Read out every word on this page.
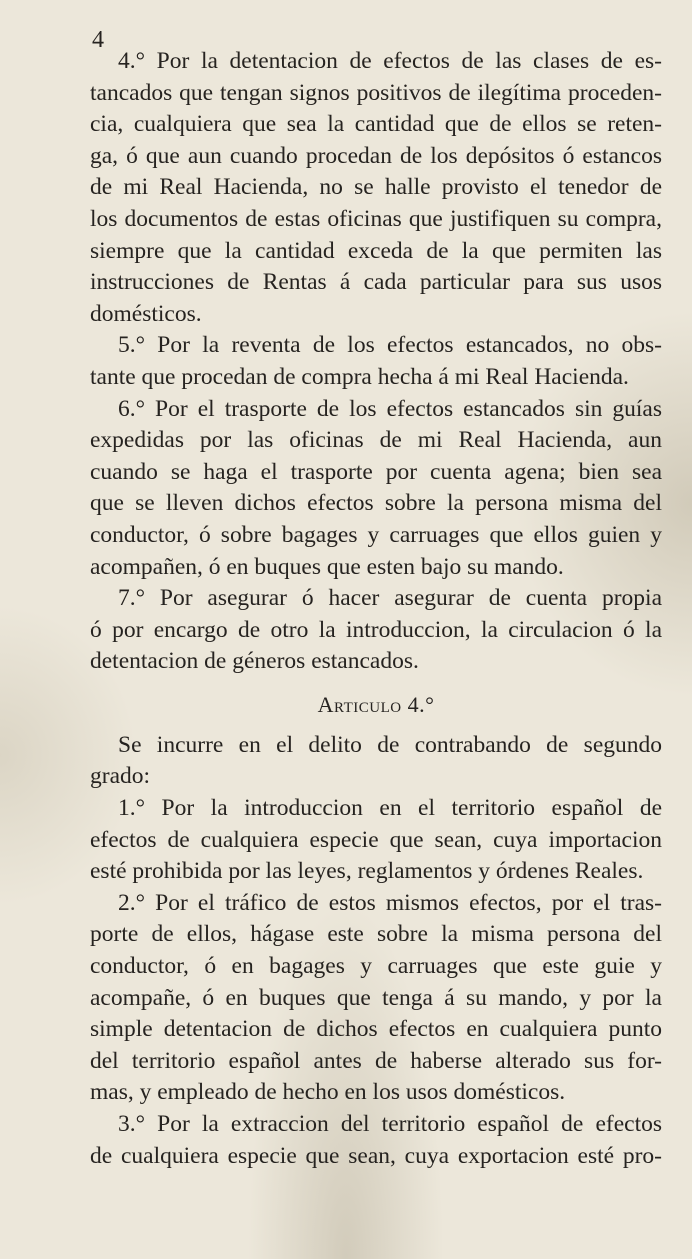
4

4.° Por la detentacion de efectos de las clases de es-

tancados que tengan signos positivos de ilegítima proceden-

cia, cualquiera que sea la cantidad que de ellos se reten-

ga, ó que aun cuando procedan de los depósitos ó estancos

de mi Real Hacienda, no se halle provisto el tenedor de

los documentos de estas oficinas que justifiquen su compra,

siempre que la cantidad exceda de la que permiten las

instrucciones de Rentas á cada particular para sus usos

domésticos.

5.° Por la reventa de los efectos estancados, no obs-

tante que procedan de compra hecha á mi Real Hacienda.

6.° Por el trasporte de los efectos estancados sin guías

expedidas por las oficinas de mi Real Hacienda, aun

cuando se haga el trasporte por cuenta agena; bien sea

que se lleven dichos efectos sobre la persona misma del

conductor, ó sobre bagages y carruages que ellos guien y

acompañen, ó en buques que esten bajo su mando.

7.° Por asegurar ó hacer asegurar de cuenta propia

ó por encargo de otro la introduccion, la circulacion ó la

detentacion de géneros estancados.

Articulo 4.°

Se incurre en el delito de contrabando de segundo

grado:

1.° Por la introduccion en el territorio español de

efectos de cualquiera especie que sean, cuya importacion

esté prohibida por las leyes, reglamentos y órdenes Reales.

2.° Por el tráfico de estos mismos efectos, por el tras-

porte de ellos, hágase este sobre la misma persona del

conductor, ó en bagages y carruages que este guie y

acompañe, ó en buques que tenga á su mando, y por la

simple detentacion de dichos efectos en cualquiera punto

del territorio español antes de haberse alterado sus for-

mas, y empleado de hecho en los usos domésticos.

3.° Por la extraccion del territorio español de efectos

de cualquiera especie que sean, cuya exportacion esté pro-
